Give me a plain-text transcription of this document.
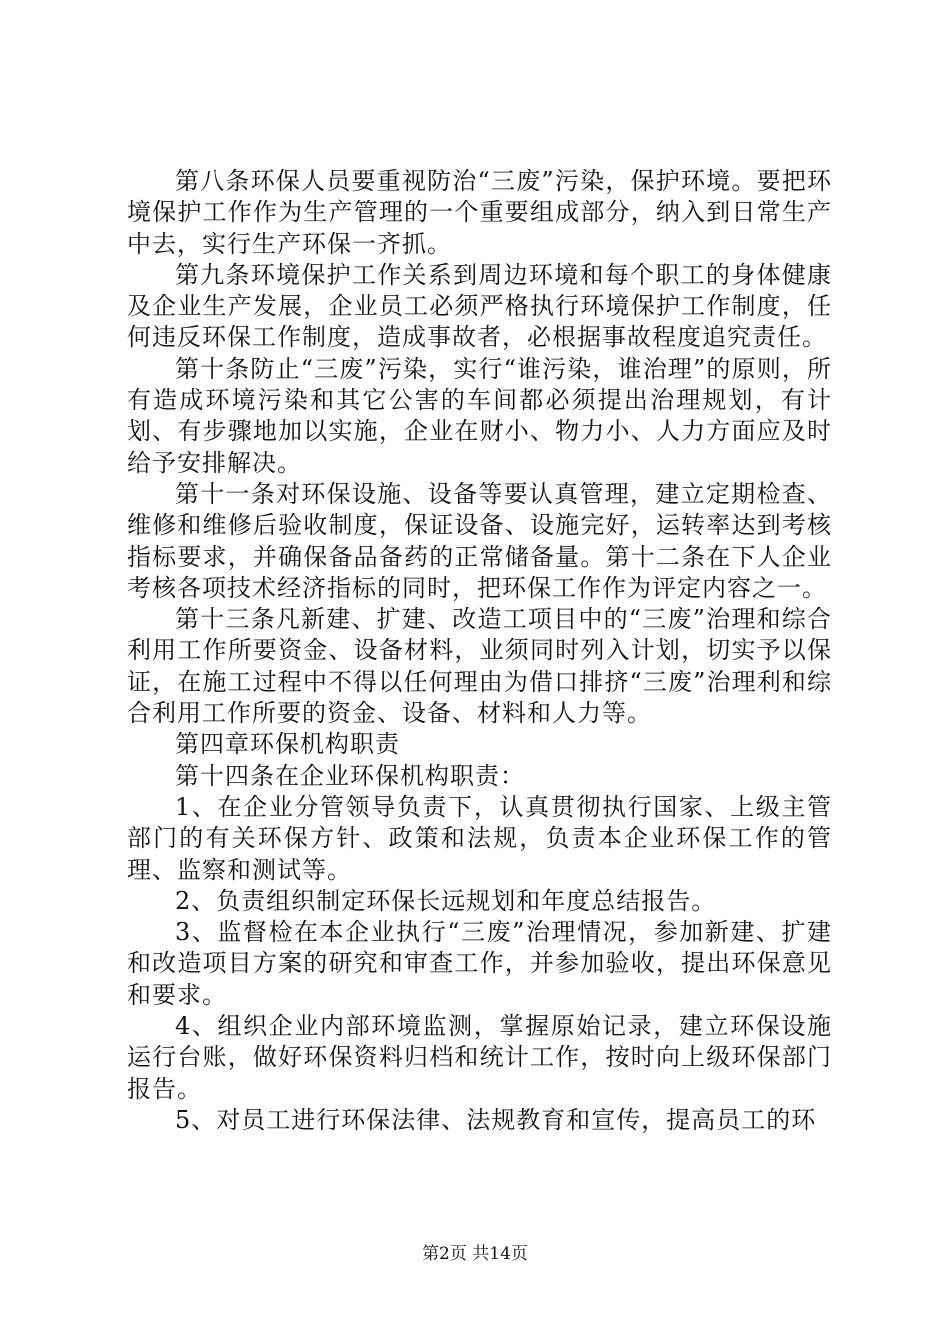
第八条环保人员要重视防治“三废”污染，保护环境。要把环境保护工作作为生产管理的一个重要组成部分，纳入到日常生产中去，实行生产环保一齐抓。

第九条环境保护工作关系到周边环境和每个职工的身体健康及企业生产发展，企业员工必须严格执行环境保护工作制度，任何违反环保工作制度，造成事故者，必根据事故程度追究责任。

第十条防止“三废”污染，实行“谁污染，谁治理”的原则，所有造成环境污染和其它公害的车间都必须提出治理规划，有计划、有步骤地加以实施，企业在财小、物力小、人力方面应及时给予安排解决。

第十一条对环保设施、设备等要认真管理，建立定期检查、维修和维修后验收制度，保证设备、设施完好，运转率达到考核指标要求，并确保备品备药的正常储备量。第十二条在下人企业考核各项技术经济指标的同时，把环保工作作为评定内容之一。

第十三条凡新建、扩建、改造工项目中的“三废”治理和综合利用工作所要资金、设备材料，业须同时列入计划，切实予以保证，在施工过程中不得以任何理由为借口排挤“三废”治理利和综合利用工作所要的资金、设备、材料和人力等。

第四章环保机构职责

第十四条在企业环保机构职责：

1、在企业分管领导负责下，认真贯彻执行国家、上级主管部门的有关环保方针、政策和法规，负责本企业环保工作的管理、监察和测试等。

2、负责组织制定环保长远规划和年度总结报告。

3、监督检在本企业执行“三废”治理情况，参加新建、扩建和改造项目方案的研究和审查工作，并参加验收，提出环保意见和要求。

4、组织企业内部环境监测，掌握原始记录，建立环保设施运行台账，做好环保资料归档和统计工作，按时向上级环保部门报告。

5、对员工进行环保法律、法规教育和宣传，提高员工的环

第2页 共14页
